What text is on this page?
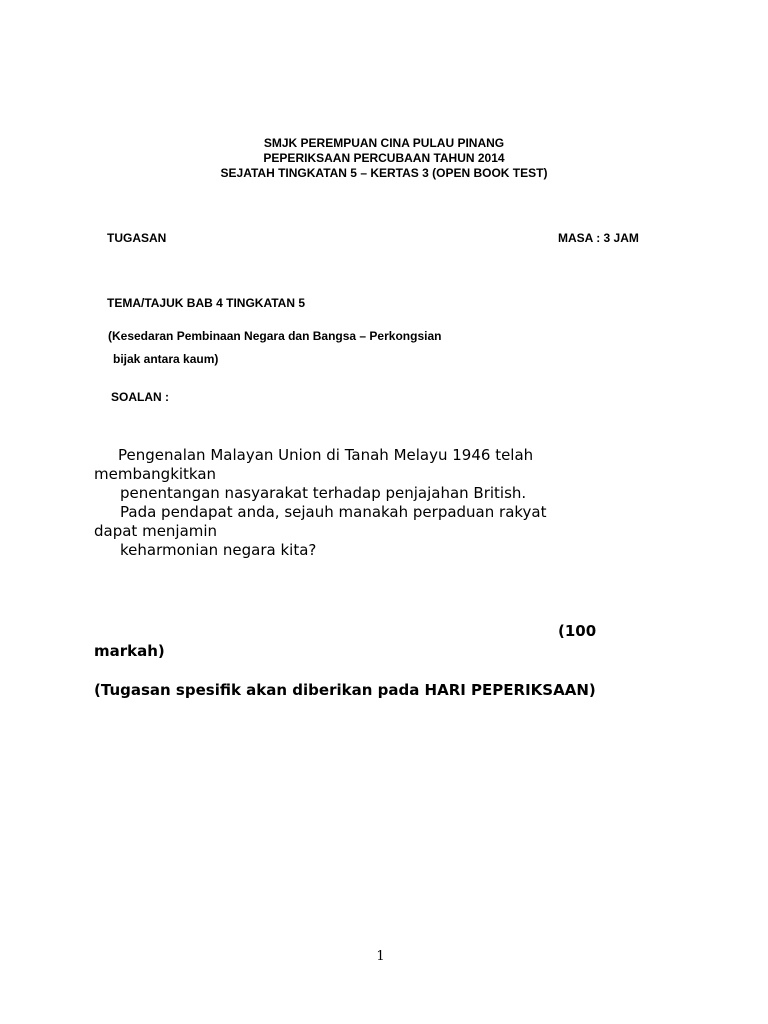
SMJK PEREMPUAN CINA PULAU PINANG
PEPERIKSAAN PERCUBAAN TAHUN 2014
SEJATAH TINGKATAN 5 – KERTAS 3 (OPEN BOOK TEST)
TUGASAN	MASA : 3 JAM
TEMA/TAJUK BAB 4 TINGKATAN 5
(Kesedaran Pembinaan Negara dan Bangsa – Perkongsian
bijak antara kaum)
SOALAN :
Pengenalan Malayan Union di Tanah Melayu 1946 telah
membangkitkan
penentangan nasyarakat terhadap penjajahan British.
Pada pendapat anda, sejauh manakah perpaduan rakyat
dapat menjamin
keharmonian negara kita?
(100
markah)
(Tugasan spesifik akan diberikan pada HARI PEPERIKSAAN)
1
